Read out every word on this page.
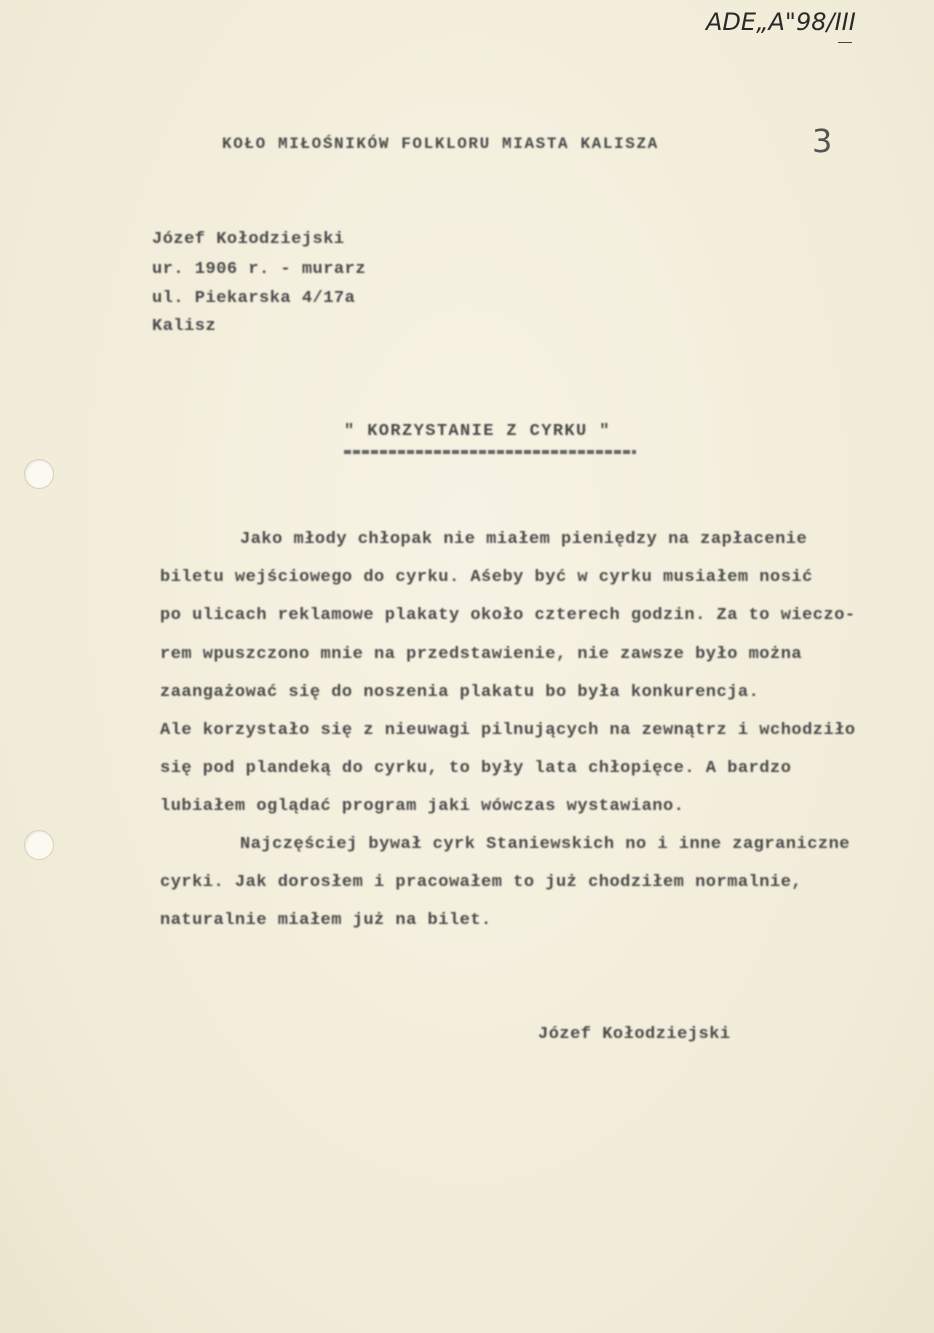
ADE„A"98/III
3
KOŁO MIŁOŚNIKÓW FOLKLORU MIASTA KALISZA
Józef Kołodziejski
ur. 1906 r. - murarz
ul. Piekarska 4/17a
Kalisz
" KORZYSTANIE Z CYRKU "
Jako młody chłopak nie miałem pieniędzy na zapłacenie
biletu wejściowego do cyrku. Aśeby być w cyrku musiałem nosić
po ulicach reklamowe plakaty około czterech godzin. Za to wieczo-
rem wpuszczono mnie na przedstawienie, nie zawsze było można
zaangażować się do noszenia plakatu bo była konkurencja.
Ale korzystało się z nieuwagi pilnujących na zewnątrz i wchodziło
się pod plandeką do cyrku, to były lata chłopięce. A bardzo
lubiałem oglądać program jaki wówczas wystawiano.
Najczęściej bywał cyrk Staniewskich no i inne zagraniczne
cyrki. Jak dorosłem i pracowałem to już chodziłem normalnie,
naturalnie miałem już na bilet.
Józef Kołodziejski
